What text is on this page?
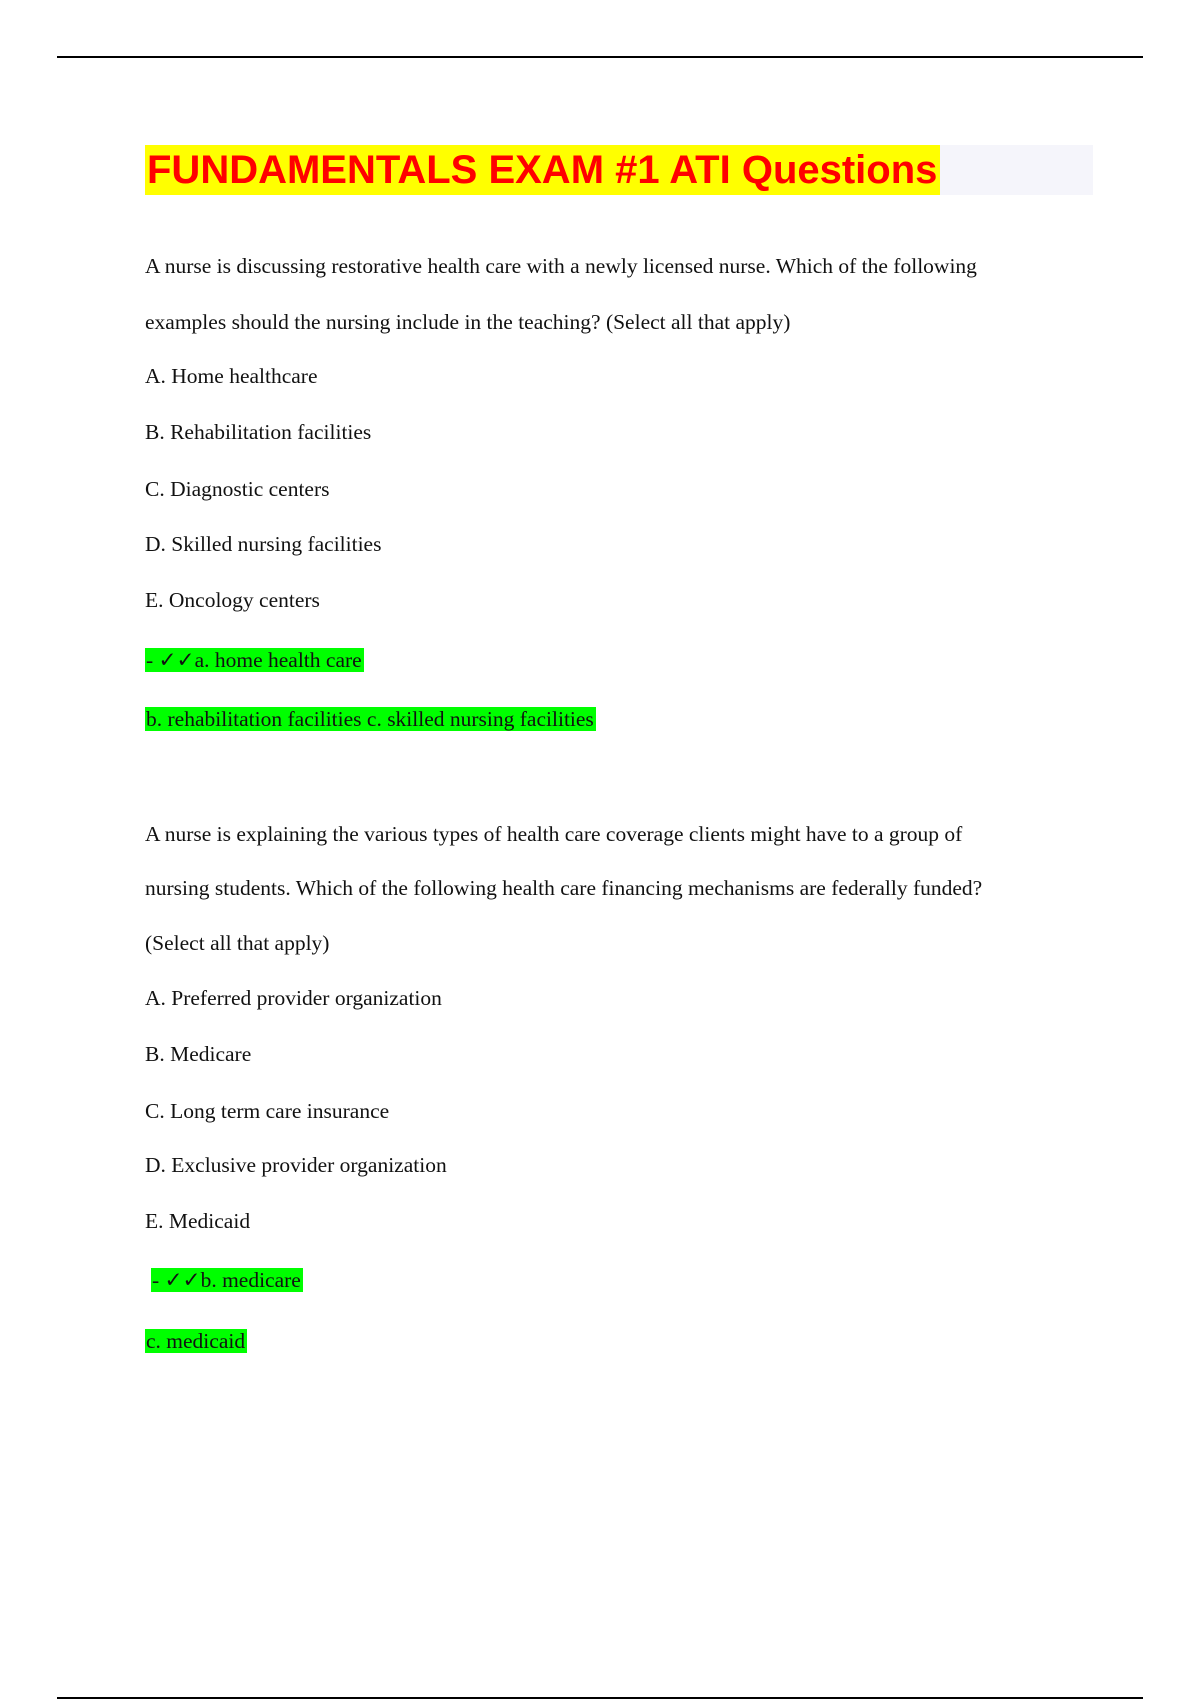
FUNDAMENTALS EXAM #1 ATI Questions
A nurse is discussing restorative health care with a newly licensed nurse. Which of the following
examples should the nursing include in the teaching? (Select all that apply)
A. Home healthcare
B. Rehabilitation facilities
C. Diagnostic centers
D. Skilled nursing facilities
E. Oncology centers
- ✓✓a. home health care
b. rehabilitation facilities c. skilled nursing facilities
A nurse is explaining the various types of health care coverage clients might have to a group of
nursing students. Which of the following health care financing mechanisms are federally funded?
(Select all that apply)
A. Preferred provider organization
B. Medicare
C. Long term care insurance
D. Exclusive provider organization
E. Medicaid
- ✓✓b. medicare
c. medicaid
